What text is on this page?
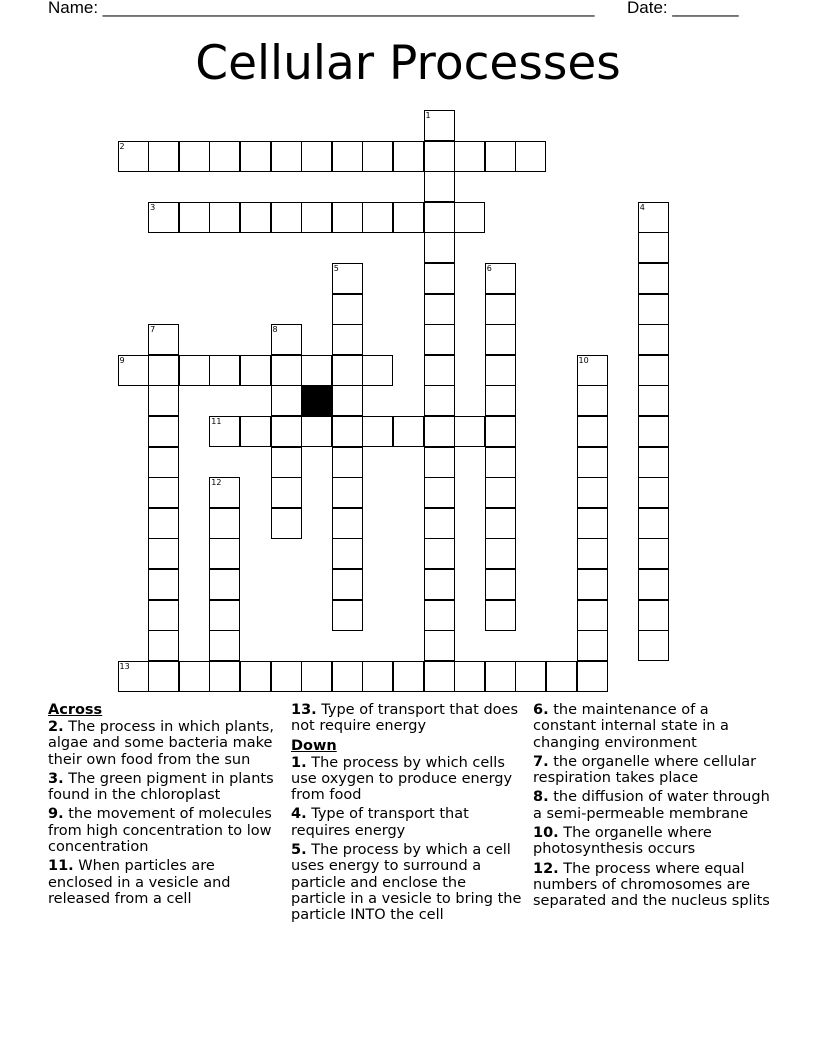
Name: ____________________________________________________ Date: _______
Cellular Processes
1
2
3	4
5	6
7	8
9	10
11
12
13
Across

2. The process in which plants, algae and some bacteria make their own food from the sun

3. The green pigment in plants found in the chloroplast

9. the movement of molecules from high concentration to low concentration

11. When particles are enclosed in a vesicle and released from a cell

13. Type of transport that does not require energy

Down

1. The process by which cells use oxygen to produce energy from food

4. Type of transport that requires energy

5. The process by which a cell uses energy to surround a particle and enclose the particle in a vesicle to bring the particle INTO the cell

6. the maintenance of a constant internal state in a changing environment

7. the organelle where cellular respiration takes place

8. the diffusion of water through a semi-permeable membrane

10. The organelle where photosynthesis occurs

12. The process where equal numbers of chromosomes are separated and the nucleus splits
